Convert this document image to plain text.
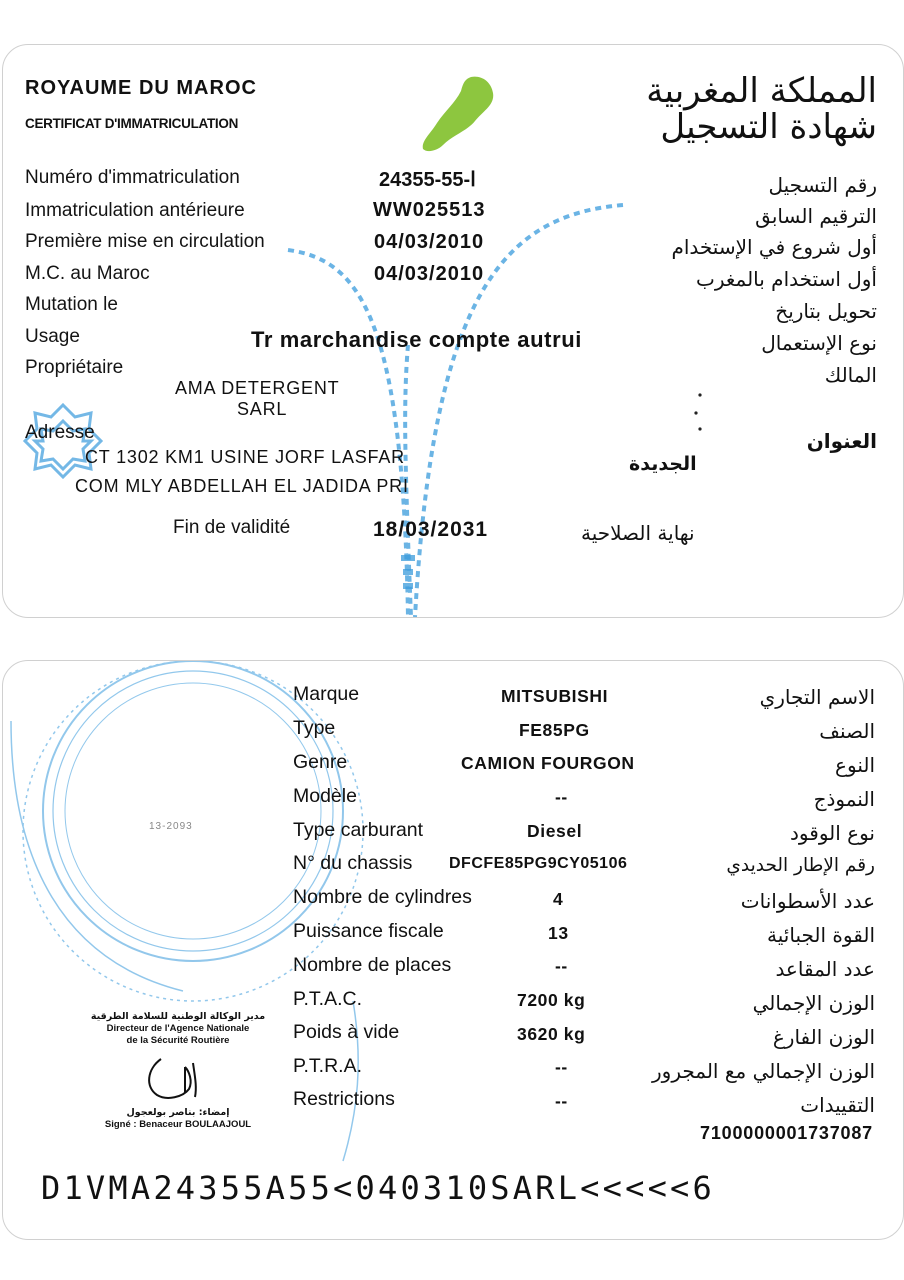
ROYAUME DU MAROC
CERTIFICAT D'IMMATRICULATION
المملكة المغربية
شهادة التسجيل
Numéro d'immatriculation	24355-ا-55	رقم التسجيل
Immatriculation antérieure	WW025513	الترقيم السابق
Première mise en circulation	04/03/2010	أول شروع في الإستخدام
M.C. au Maroc	04/03/2010	أول استخدام بالمغرب
Mutation le	تحويل بتاريخ
Usage	Tr marchandise compte autrui	نوع الإستعمال
Propriétaire	المالك
AMA DETERGENT
SARL
Adresse	العنوان
CT 1302 KM1 USINE JORF LASFAR
COM MLY ABDELLAH EL JADIDA PRI
الجديدة
Fin de validité	18/03/2031	نهاية الصلاحية
13-2093
Marque	MITSUBISHI	الاسم التجاري
Type	FE85PG	الصنف
Genre	CAMION FOURGON	النوع
Modèle	--	النموذج
Type carburant	Diesel	نوع الوقود
N° du chassis DFCFE85PG9CY05106	رقم الإطار الحديدي
Nombre de cylindres	4	عدد الأسطوانات
Puissance fiscale	13	القوة الجبائية
Nombre de places	--	عدد المقاعد
P.T.A.C.	7200 kg	الوزن الإجمالي
Poids à vide	3620 kg	الوزن الفارغ
P.T.R.A.	--	الوزن الإجمالي مع المجرور
Restrictions	--	التقييدات
7100000001737087
مدير الوكالة الوطنية للسلامة الطرقية
Directeur de l'Agence Nationale
de la Sécurité Routière
إمضاء: بناصر بولعجول
Signé : Benaceur BOULAAJOUL
D1VMA24355A55<040310SARL<<<<<6
